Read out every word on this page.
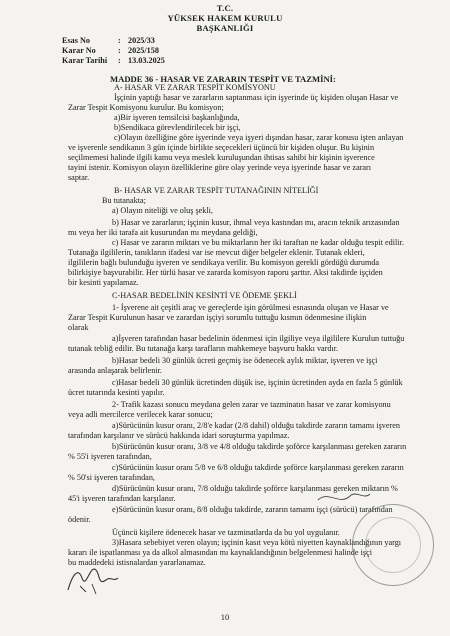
T.C.
YÜKSEK HAKEM KURULU
BAŞKANLIĞI
Esas No	: 2025/33
Karar No	: 2025/158
Karar Tarihi : 13.03.2025
MADDE 36 - HASAR VE ZARARIN TESPİT VE TAZMİNİ:
A- HASAR VE ZARAR TESPİT KOMİSYONU
İşçinin yaptığı hasar ve zararların saptanması için işyerinde üç kişiden oluşan Hasar ve
Zarar Tespit Komisyonu kurulur. Bu komisyon;
a)Bir işveren temsilcisi başkanlığında,
b)Sendikaca görevlendirilecek bir işçi,
c)Olayın özelliğine göre işyerinde veya işyeri dışından hasar, zarar konusu işten anlayan
ve işverenle sendikanın 3 gün içinde birlikte seçecekleri üçüncü bir kişiden oluşur. Bu kişinin
seçilmemesi halinde ilgili kamu veya meslek kuruluşundan ihtisas sahibi bir kişinin işverence
tayini istenir. Komisyon olayın özelliklerine göre olay yerinde veya işyerinde hasar ve zararı
saptar.
B- HASAR VE ZARAR TESPİT TUTANAĞININ NİTELİĞİ
Bu tutanakta;
a) Olayın niteliği ve oluş şekli,
b) Hasar ve zararların; işçinin kusur, ihmal veya kastından mı, aracın teknik arızasından
mı veya her iki tarafa ait kusurundan mı meydana geldiği,
c) Hasar ve zararın miktarı ve bu miktarların her iki taraftan ne kadar olduğu tespit edilir.
Tutanağa ilgililerin, tanıkların ifadesi var ise mevcut diğer belgeler eklenir. Tutanak ekleri,
ilgililerin bağlı bulunduğu işveren ve sendikaya verilir. Bu komisyon gerekli gördüğü durumda
bilirkişiye başvurabilir. Her türlü hasar ve zararda komisyon raporu şarttır. Aksi takdirde işçiden
bir kesinti yapılamaz.
C-HASAR BEDELİNİN KESİNTİ VE ÖDEME ŞEKLİ
1- İşverene ait çeşitli araç ve gereçlerde işin görülmesi esnasında oluşan ve Hasar ve
Zarar Tespit Kurulunun hasar ve zarardan işçiyi sorumlu tuttuğu kısmın ödenmesine ilişkin
olarak
a)İşveren tarafından hasar bedelinin ödenmesi için ilgiliye veya ilgililere Kurulun tuttuğu
tutanak tebliğ edilir. Bu tutanağa karşı tarafların mahkemeye başvuru hakkı vardır.
b)Hasar bedeli 30 günlük ücreti geçmiş ise ödenecek aylık miktar, işveren ve işçi
arasında anlaşarak belirlenir.
c)Hasar bedeli 30 günlük ücretinden düşük ise, işçinin ücretinden ayda en fazla 5 günlük
ücret tutarında kesinti yapılır.
2- Trafik kazası sonucu meydana gelen zarar ve tazminatın hasar ve zarar komisyonu
veya adli mercilerce verilecek karar sonucu;
a)Sürücünün kusur oranı, 2/8'e kadar (2/8 dahil) olduğu takdirde zararın tamamı işveren
tarafından karşılanır ve sürücü hakkında idari soruşturma yapılmaz.
b)Sürücünün kusur oranı, 3/8 ve 4/8 olduğu takdirde şoförce karşılanması gereken zararın
% 55'i işveren tarafından,
c)Sürücünün kusur oranı 5/8 ve 6/8 olduğu takdirde şoförce karşılanması gereken zararın
% 50'si işveren tarafından,
d)Sürücünün kusur oranı, 7/8 olduğu takdirde şoförce karşılanması gereken miktarın %
45'i işveren tarafından karşılanır.
e)Sürücünün kusur oranı, 8/8 olduğu takdirde, zararın tamamı işçi (sürücü) tarafından
ödenir.
Üçüncü kişilere ödenecek hasar ve tazminatlarda da bu yol uygulanır.
3)Hasara sebebiyet veren olayın; işçinin kasıt veya kötü niyetten kaynaklandığının yargı
kararı ile ispatlanması ya da alkol almasından mı kaynaklandığının belgelenmesi halinde işçi
bu maddedeki istisnalardan yararlanamaz.
10
